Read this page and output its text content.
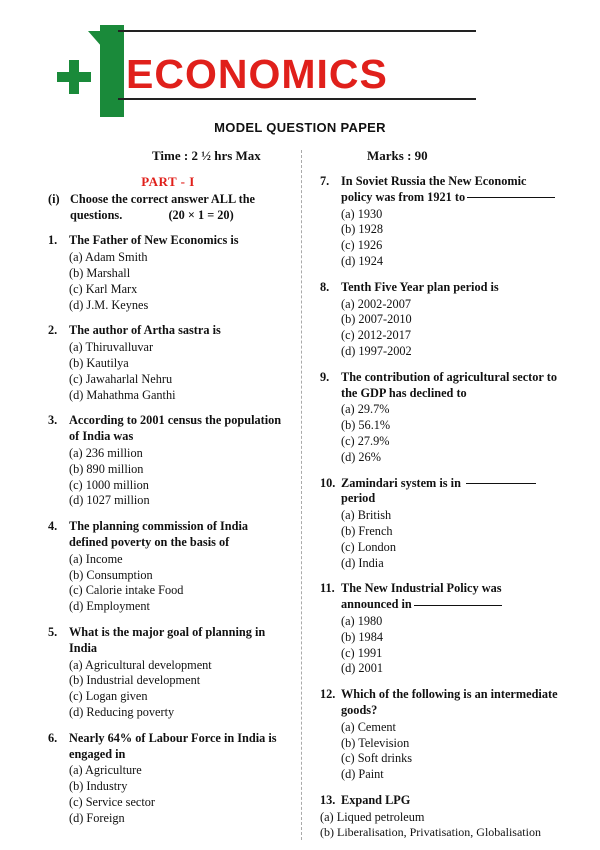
ECONOMICS
MODEL QUESTION PAPER
Time : 2 ½ hrs Max	Marks : 90
PART - I
(i) Choose the correct answer ALL the questions.	(20 × 1 = 20)
1. The Father of New Economics is
(a) Adam Smith
(b) Marshall
(c) Karl Marx
(d) J.M. Keynes
2. The author of Artha sastra is
(a) Thiruvalluvar
(b) Kautilya
(c) Jawaharlal Nehru
(d) Mahathma Ganthi
3. According to 2001 census the population of India was
(a) 236 million
(b) 890 million
(c) 1000 million
(d) 1027 million
4. The planning commission of India defined poverty on the basis of
(a) Income
(b) Consumption
(c) Calorie intake Food
(d) Employment
5. What is the major goal of planning in India
(a) Agricultural development
(b) Industrial development
(c) Logan given
(d) Reducing poverty
6. Nearly 64% of Labour Force in India is engaged in
(a) Agriculture
(b) Industry
(c) Service sector
(d) Foreign
7. In Soviet Russia the New Economic policy was from 1921 to
(a) 1930
(b) 1928
(c) 1926
(d) 1924
8. Tenth Five Year plan period is
(a) 2002-2007
(b) 2007-2010
(c) 2012-2017
(d) 1997-2002
9. The contribution of agricultural sector to the GDP has declined to
(a) 29.7%
(b) 56.1%
(c) 27.9%
(d) 26%
10. Zamindari system is in
period
(a) British
(b) French
(c) London
(d) India
11. The New Industrial Policy was announced in
(a) 1980
(b) 1984
(c) 1991
(d) 2001
12. Which of the following is an intermediate goods?
(a) Cement
(b) Television
(c) Soft drinks
(d) Paint
13. Expand LPG
(a) Liqued petroleum
(b) Liberalisation, Privatisation, Globalisation
